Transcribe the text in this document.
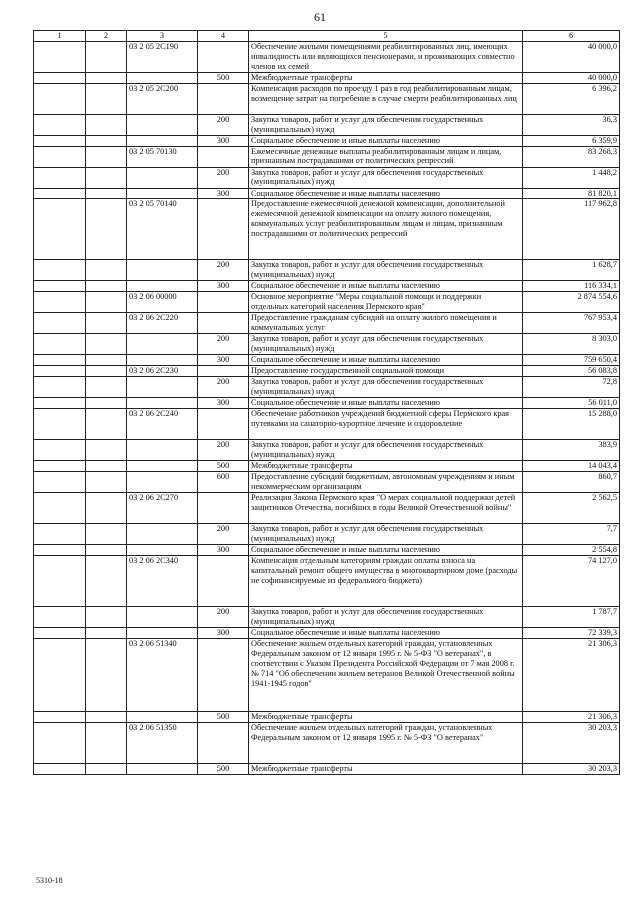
61
1	2	3	4	5	6
		03 2 05 2С190		Обеспечение жилыми помещениями реабилитированных лиц, имеющих инвалидность или являющихся пенсионерами, и проживающих совместно членов их семей	40 000,0
			500	Межбюджетные трансферты	40 000,0
		03 2 05 2С200		Компенсация расходов по проезду 1 раз в год реабилитированным лицам, возмещение затрат на погребение в случае смерти реабилитированных лиц	6 396,2
			200	Закупка товаров, работ и услуг для обеспечения государственных (муниципальных) нужд	36,3
			300	Социальное обеспечение и иные выплаты населению	6 359,9
		03 2 05 70130		Ежемесячные денежные выплаты реабилитированным лицам и лицам, признанным пострадавшими от политических репрессий	83 268,3
			200	Закупка товаров, работ и услуг для обеспечения государственных (муниципальных) нужд	1 448,2
			300	Социальное обеспечение и иные выплаты населению	81 820,1
		03 2 05 70140		Предоставление ежемесячной денежной компенсации, дополнительной ежемесячной денежной компенсации на оплату жилого помещения, коммунальных услуг реабилитированным лицам и лицам, признанным пострадавшими от политических репрессий	117 962,8
			200	Закупка товаров, работ и услуг для обеспечения государственных (муниципальных) нужд	1 628,7
			300	Социальное обеспечение и иные выплаты населению	116 334,1
		03 2 06 00000		Основное мероприятие "Меры социальной помощи и поддержки отдельных категорий населения Пермского края"	2 874 554,6
		03 2 06 2С220		Предоставление гражданам субсидий на оплату жилого помещения и коммунальных услуг	767 953,4
			200	Закупка товаров, работ и услуг для обеспечения государственных (муниципальных) нужд	8 303,0
			300	Социальное обеспечение и иные выплаты населению	759 650,4
		03 2 06 2С230		Предоставление государственной социальной помощи	56 083,8
			200	Закупка товаров, работ и услуг для обеспечения государственных (муниципальных) нужд	72,8
			300	Социальное обеспечение и иные выплаты населению	56 011,0
		03 2 06 2С240		Обеспечение работников учреждений бюджетной сферы Пермского края путевками на санаторно-курортное лечение и оздоровление	15 288,0
			200	Закупка товаров, работ и услуг для обеспечения государственных (муниципальных) нужд	383,9
			500	Межбюджетные трансферты	14 043,4
			600	Предоставление субсидий бюджетным, автономным учреждениям и иным некоммерческим организациям	860,7
		03 2 06 2С270		Реализация Закона Пермского края "О мерах социальной поддержки детей защитников Отечества, погибших в годы Великой Отечественной войны"	2 562,5
			200	Закупка товаров, работ и услуг для обеспечения государственных (муниципальных) нужд	7,7
			300	Социальное обеспечение и иные выплаты населению	2 554,8
		03 2 06 2С340		Компенсация отдельным категориям граждан оплаты взноса на капитальный ремонт общего имущества в многоквартирном доме (расходы не софинансируемые из федерального бюджета)	74 127,0
			200	Закупка товаров, работ и услуг для обеспечения государственных (муниципальных) нужд	1 787,7
			300	Социальное обеспечение и иные выплаты населению	72 339,3
		03 2 06 51340		Обеспечение жильем отдельных категорий граждан, установленных Федеральным законом от 12 января 1995 г. № 5-ФЗ "О ветеранах", в соответствии с Указом Президента Российской Федерации от 7 мая 2008 г. № 714 "Об обеспечении жильем ветеранов Великой Отечественной войны 1941-1945 годов"	21 306,3
			500	Межбюджетные трансферты	21 306,3
		03 2 06 51350		Обеспечение жильем отдельных категорий граждан, установленных Федеральным законом от 12 января 1995 г. № 5-ФЗ "О ветеранах"	30 203,3
			500	Межбюджетные трансферты	30 203,3
5310-18
